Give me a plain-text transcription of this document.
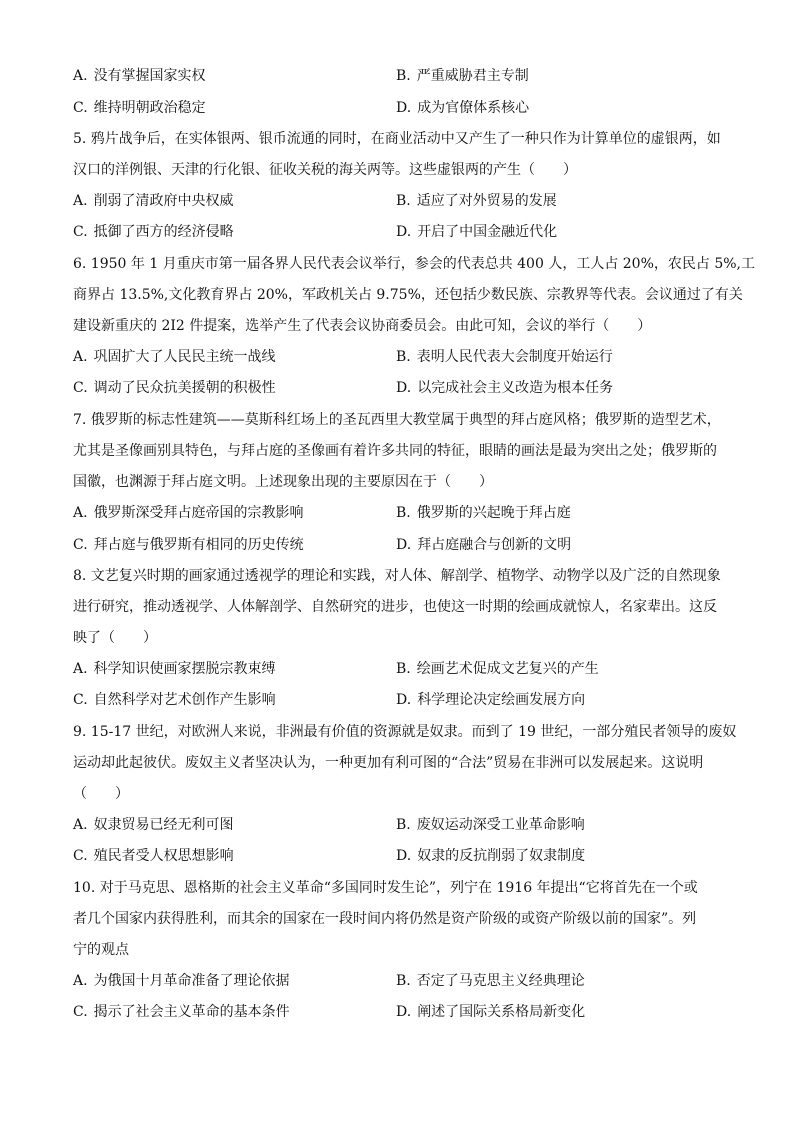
A. 没有掌握国家实权	B. 严重威胁君主专制
C. 维持明朝政治稳定	D. 成为官僚体系核心
5. 鸦片战争后，在实体银两、银币流通的同时，在商业活动中又产生了一种只作为计算单位的虚银两，如
汉口的洋例银、天津的行化银、征收关税的海关两等。这些虚银两的产生（　　）
A. 削弱了清政府中央权威	B. 适应了对外贸易的发展
C. 抵御了西方的经济侵略	D. 开启了中国金融近代化
6. 1950 年 1 月重庆市第一届各界人民代表会议举行，参会的代表总共 400 人，工人占 20%，农民占 5%,工
商界占 13.5%,文化教育界占 20%，军政机关占 9.75%，还包括少数民族、宗教界等代表。会议通过了有关
建设新重庆的 2I2 件提案，选举产生了代表会议协商委员会。由此可知，会议的举行（　　）
A. 巩固扩大了人民民主统一战线	B. 表明人民代表大会制度开始运行
C. 调动了民众抗美援朝的积极性	D. 以完成社会主义改造为根本任务
7. 俄罗斯的标志性建筑——莫斯科红场上的圣瓦西里大教堂属于典型的拜占庭风格；俄罗斯的造型艺术，
尤其是圣像画别具特色，与拜占庭的圣像画有着许多共同的特征，眼睛的画法是最为突出之处；俄罗斯的
国徽，也渊源于拜占庭文明。上述现象出现的主要原因在于（　　）
A. 俄罗斯深受拜占庭帝国的宗教影响	B. 俄罗斯的兴起晚于拜占庭
C. 拜占庭与俄罗斯有相同的历史传统	D. 拜占庭融合与创新的文明
8. 文艺复兴时期的画家通过透视学的理论和实践，对人体、解剖学、植物学、动物学以及广泛的自然现象
进行研究，推动透视学、人体解剖学、自然研究的进步，也使这一时期的绘画成就惊人，名家辈出。这反
映了（　　）
A. 科学知识使画家摆脱宗教束缚	B. 绘画艺术促成文艺复兴的产生
C. 自然科学对艺术创作产生影响	D. 科学理论决定绘画发展方向
9. 15-17 世纪，对欧洲人来说，非洲最有价值的资源就是奴隶。而到了 19 世纪，一部分殖民者领导的废奴
运动却此起彼伏。废奴主义者坚决认为，一种更加有利可图的“合法”贸易在非洲可以发展起来。这说明
（　　）
A. 奴隶贸易已经无利可图	B. 废奴运动深受工业革命影响
C. 殖民者受人权思想影响	D. 奴隶的反抗削弱了奴隶制度
10. 对于马克思、恩格斯的社会主义革命“多国同时发生论”，列宁在 1916 年提出“它将首先在一个或
者几个国家内获得胜利，而其余的国家在一段时间内将仍然是资产阶级的或资产阶级以前的国家”。列
宁的观点
A. 为俄国十月革命准备了理论依据	B. 否定了马克思主义经典理论
C. 揭示了社会主义革命的基本条件	D. 阐述了国际关系格局新变化
